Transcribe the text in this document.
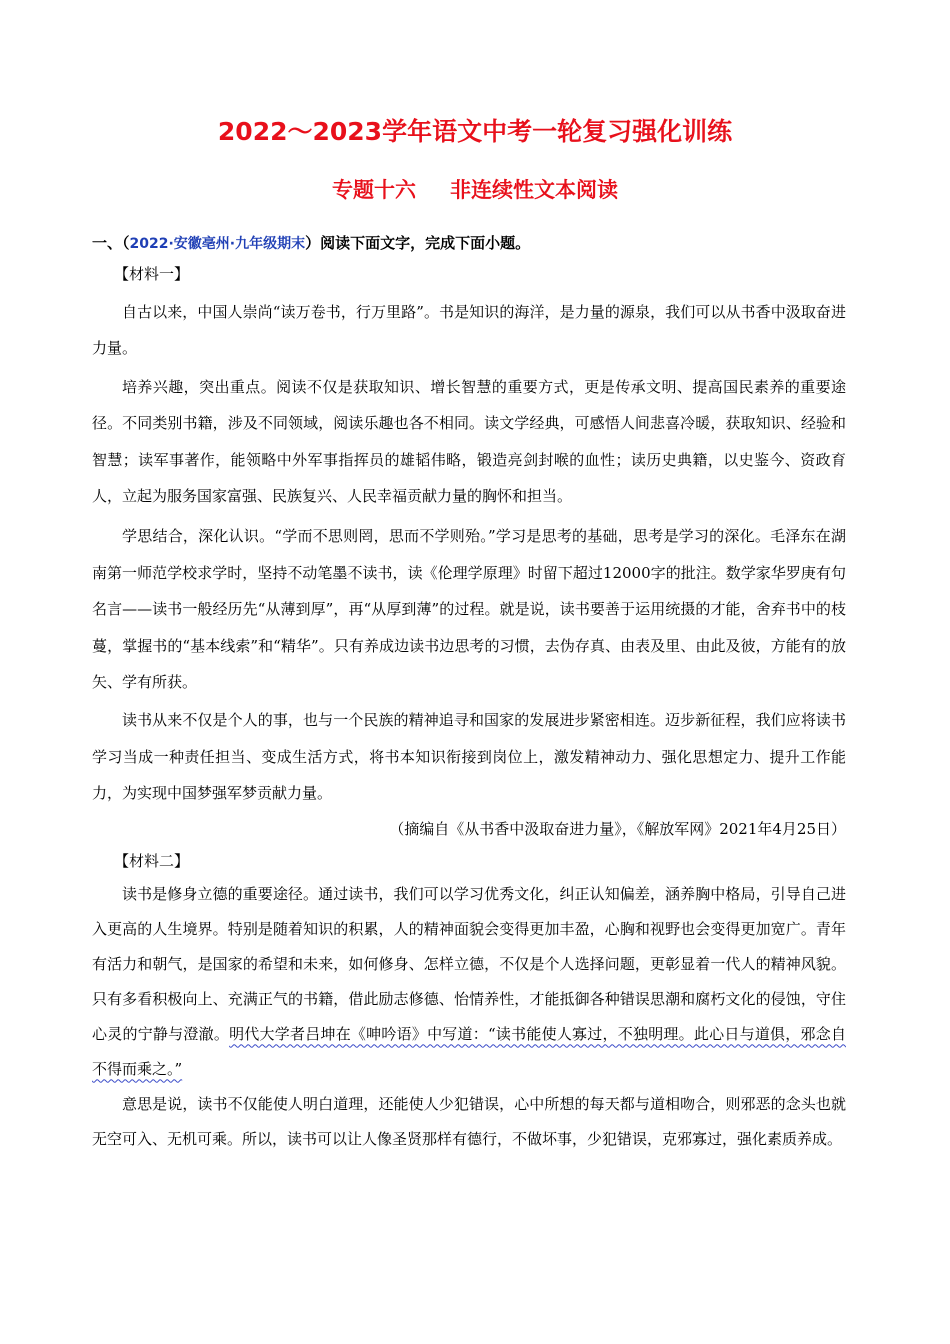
2022～2023学年语文中考一轮复习强化训练
专题十六 非连续性文本阅读

一、（2022·安徽亳州·九年级期末）阅读下面文字，完成下面小题。

【材料一】

自古以来，中国人崇尚“读万卷书，行万里路”。书是知识的海洋，是力量的源泉，我们可以从书香中汲取奋进力量。

培养兴趣，突出重点。阅读不仅是获取知识、增长智慧的重要方式，更是传承文明、提高国民素养的重要途径。不同类别书籍，涉及不同领域，阅读乐趣也各不相同。读文学经典，可感悟人间悲喜冷暖，获取知识、经验和智慧；读军事著作，能领略中外军事指挥员的雄韬伟略，锻造亮剑封喉的血性；读历史典籍，以史鉴今、资政育人，立起为服务国家富强、民族复兴、人民幸福贡献力量的胸怀和担当。

学思结合，深化认识。“学而不思则罔，思而不学则殆。”学习是思考的基础，思考是学习的深化。毛泽东在湖南第一师范学校求学时，坚持不动笔墨不读书，读《伦理学原理》时留下超过12000字的批注。数学家华罗庚有句名言——读书一般经历先“从薄到厚”，再“从厚到薄”的过程。就是说，读书要善于运用统摄的才能，舍弃书中的枝蔓，掌握书的“基本线索”和“精华”。只有养成边读书边思考的习惯，去伪存真、由表及里、由此及彼，方能有的放矢、学有所获。

读书从来不仅是个人的事，也与一个民族的精神追寻和国家的发展进步紧密相连。迈步新征程，我们应将读书学习当成一种责任担当、变成生活方式，将书本知识衔接到岗位上，激发精神动力、强化思想定力、提升工作能力，为实现中国梦强军梦贡献力量。

（摘编自《从书香中汲取奋进力量》，《解放军网》2021年4月25日）

【材料二】

读书是修身立德的重要途径。通过读书，我们可以学习优秀文化，纠正认知偏差，涵养胸中格局，引导自己进入更高的人生境界。特别是随着知识的积累，人的精神面貌会变得更加丰盈，心胸和视野也会变得更加宽广。青年有活力和朝气，是国家的希望和未来，如何修身、怎样立德，不仅是个人选择问题，更彰显着一代人的精神风貌。只有多看积极向上、充满正气的书籍，借此励志修德、怡情养性，才能抵御各种错误思潮和腐朽文化的侵蚀，守住心灵的宁静与澄澈。明代大学者吕坤在《呻吟语》中写道：“读书能使人寡过，不独明理。此心日与道俱，邪念自不得而乘之。”

意思是说，读书不仅能使人明白道理，还能使人少犯错误，心中所想的每天都与道相吻合，则邪恶的念头也就无空可入、无机可乘。所以，读书可以让人像圣贤那样有德行，不做坏事，少犯错误，克邪寡过，强化素质养成。
